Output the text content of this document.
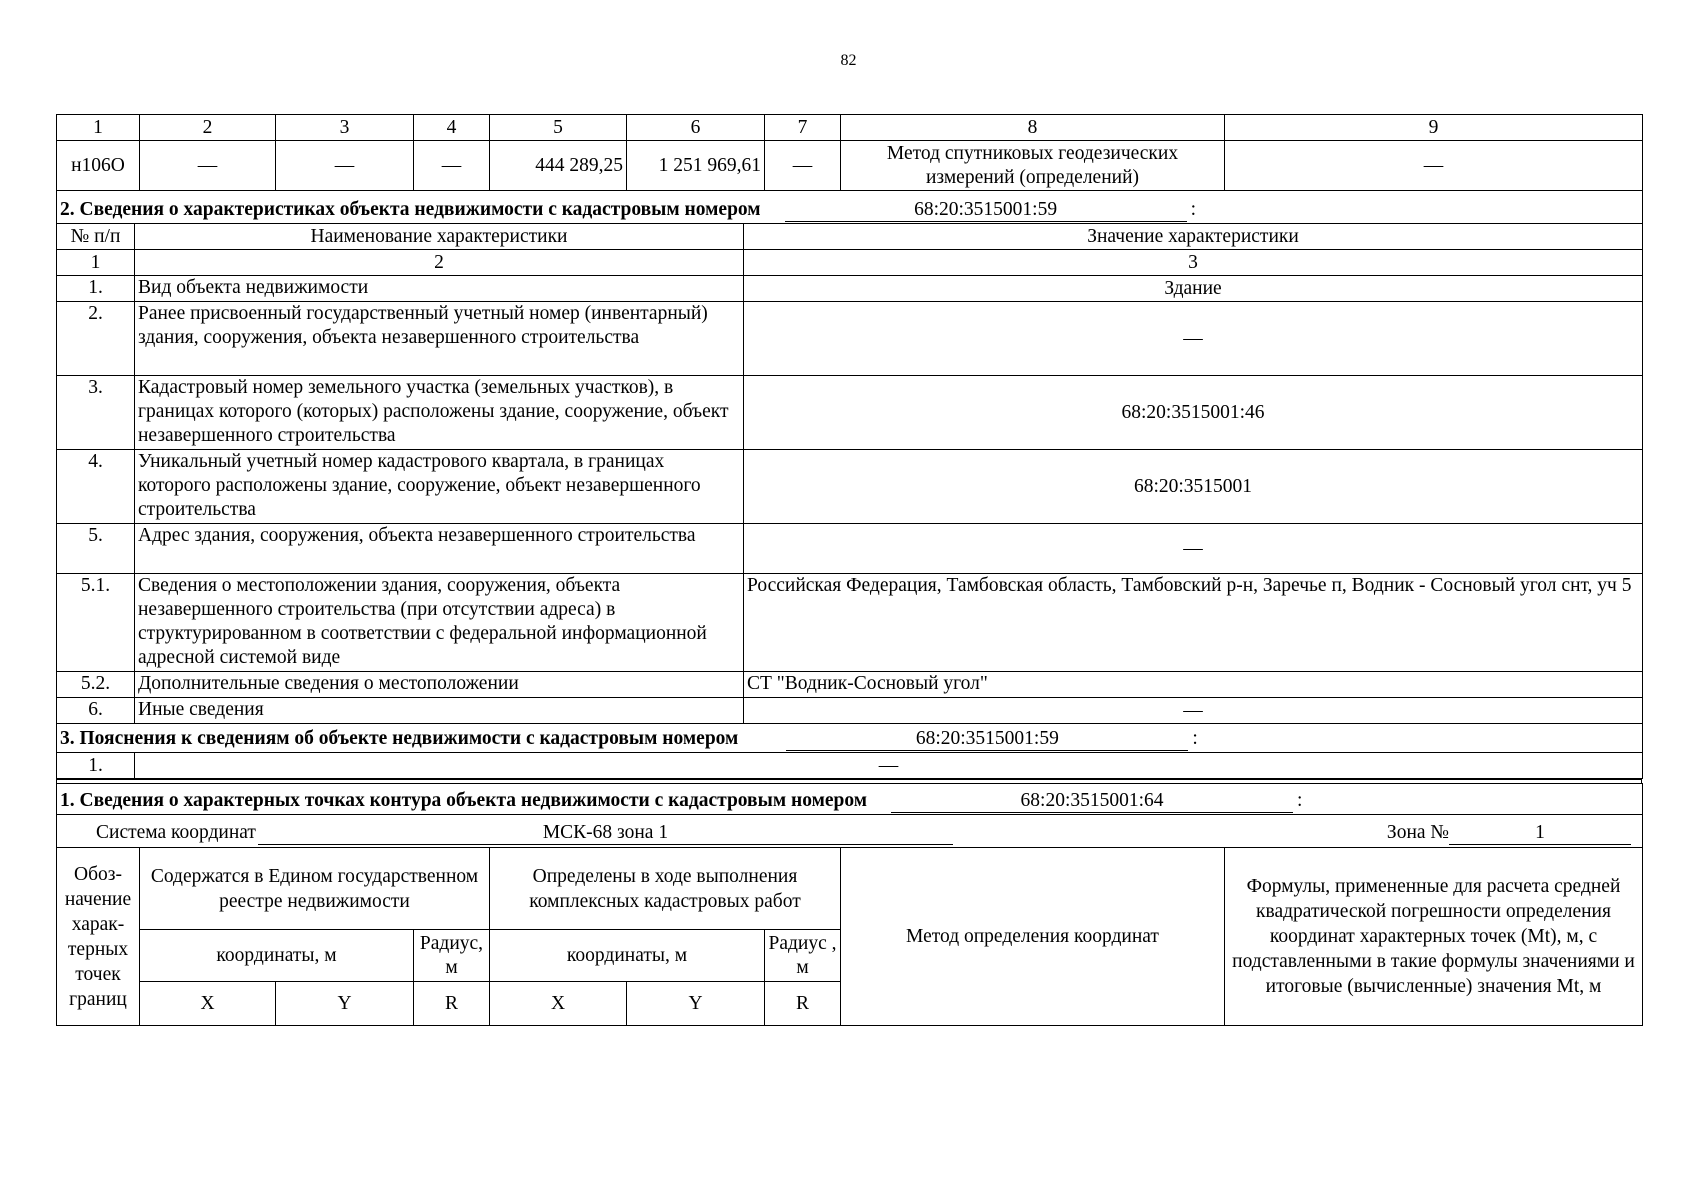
82
1	2	3	4	5	6	7	8	9
н106О	—	—	—	444 289,25	1 251 969,61	—	Метод спутниковых геодезических измерений (определений)	—
2. Сведения о характеристиках объекта недвижимости с кадастровым номером 68:20:3515001:59 :		

№ п/п	Наименование характеристики	Значение характеристики
1	2	3
1.	Вид объекта недвижимости	Здание
2.	Ранее присвоенный государственный учетный номер (инвентарный) здания, сооружения, объекта незавершенного строительства	—
3.	Кадастровый номер земельного участка (земельных участков), в границах которого (которых) расположены здание, сооружение, объект незавершенного строительства	68:20:3515001:46
4.	Уникальный учетный номер кадастрового квартала, в границах которого расположены здание, сооружение, объект незавершенного строительства	68:20:3515001
5.	Адрес здания, сооружения, объекта незавершенного строительства	—
5.1.	Сведения о местоположении здания, сооружения, объекта незавершенного строительства (при отсутствии адреса) в структурированном в соответствии с федеральной информационной адресной системой виде	Российская Федерация, Тамбовская область, Тамбовский р-н, Заречье п, Водник - Сосновый угол снт, уч 5
5.2.	Дополнительные сведения о местоположении	СТ "Водник-Сосновый угол"
6.	Иные сведения	—

3. Пояснения к сведениям об объекте недвижимости с кадастровым номером 68:20:3515001:59 :		

1.	—	
1. Сведения о характерных точках контура объекта недвижимости с кадастровым номером 68:20:3515001:64 :								

Система координат МСК-68 зона 1 Зона № 1								

Обоз- начение харак- терных точек границ	Содержатся в Едином государственном реестре недвижимости			Определены в ходе выполнения комплексных кадастровых работ			Метод определения координат	Формулы, примененные для расчета средней квадратической погрешности определения координат характерных точек (Mt), м, с подставленными в такие формулы значениями и итоговые (вычисленные) значения Mt, м
	координаты, м		Радиус, м	координаты, м		Радиус , м		
	X	Y	R	X	Y	R		
